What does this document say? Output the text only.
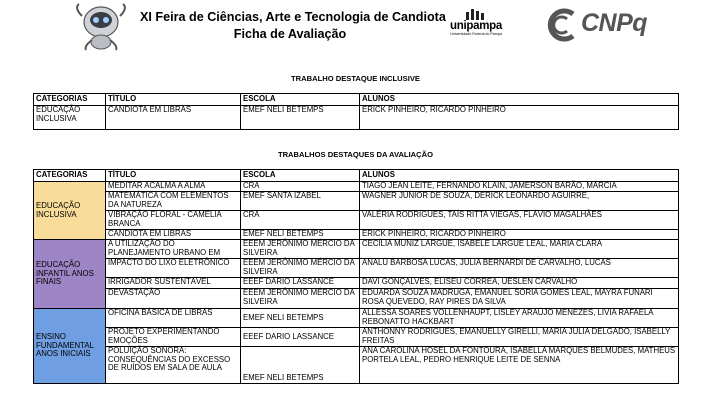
XI Feira de Ciências, Arte e Tecnologia de Candiota
Ficha de Avaliação
unipampa
Universidade Federal do Pampa	CNPq
TRABALHO DESTAQUE INCLUSIVE
CATEGORIAS	TÍTULO	ESCOLA	ALUNOS
EDUCAÇÃO INCLUSIVA	CANDIOTA EM LIBRAS	EMEF NELI BETEMPS	ERICK PINHEIRO, RICARDO PINHEIRO
TRABALHOS DESTAQUES DA AVALIAÇÃO
CATEGORIAS	TÍTULO	ESCOLA	ALUNOS
EDUCAÇÃO INCLUSIVA	MEDITAR ACALMA A ALMA	CRA	TIAGO JEAN LEITE, FERNANDO KLAIN, JAMERSON BARÃO, MÁRCIA
	MATEMÁTICA COM ELEMENTOS DA NATUREZA	EMEF SANTA IZABEL	WAGNER JÚNIOR DE SOUZA, DERICK LEONARDO AGUIRRE,
	VIBRAÇÃO FLORAL - CAMÉLIA BRANCA	CRA	VALÉRIA RODRIGUES, TAÍS RITTA VIEGAS, FLÁVIO MAGALHÃES
	CANDIOTA EM LIBRAS	EMEF NELI BETEMPS	ERICK PINHEIRO, RICARDO PINHEIRO
EDUCAÇÃO INFANTIL ANOS FINAIS	A UTILIZAÇÃO DO PLANEJAMENTO URBANO EM	EEEM JERÔNIMO MÉRCIO DA SILVEIRA	CECÍLIA MUNIZ LARGUE, ISABELE LARGUE LEAL, MARIA CLARA
	IMPACTO DO LIXO ELETRÔNICO	EEEM JERÔNIMO MÉRCIO DA SILVEIRA	ANALÚ BARBOSA LUCAS, JULIA BERNARDI DE CARVALHO, LUCAS
	IRRIGADOR SUSTENTÁVEL	EEEF DARIO LASSANCE	DAVI GONÇALVES, ELISEU CORREA, UESLEN CARVALHO
	DEVASTAÇÃO	EEEM JERÔNIMO MÉRCIO DA SILVEIRA	EDUARDA SOUZA MADRUGA, EMANUEL SÓRIA GOMES LEAL, MAYRA FUNARI ROSA QUEVEDO, RAY PIRES DA SILVA
ENSINO FUNDAMENTAL ANOS INICIAIS	OFICINA BÁSICA DE LIBRAS	EMEF NELI BETEMPS	ALLESSA SOARES VOLLENHAUPT, LÍSLEY ARAÚJO MENEZES, LIVIA RAFAELA REBONATTO HACKBART
	PROJETO EXPERIMENTANDO EMOÇÕES	EEEF DARIO LASSANCE	ANTHONNY RODRIGUES, EMANUELLY GIRELLI, MARIA JÚLIA DELGADO, ISABELLY FREITAS
	POLUIÇÃO SONORA: CONSEQUÊNCIAS DO EXCESSO DE RUÍDOS EM SALA DE AULA	EMEF NELI BETEMPS	ANA CAROLINA HÖSEL DA FONTOURA, ISABELLA MARQUES BELMUDES, MATHEUS PORTELA LEAL, PEDRO HENRIQUE LEITE DE SENNA
